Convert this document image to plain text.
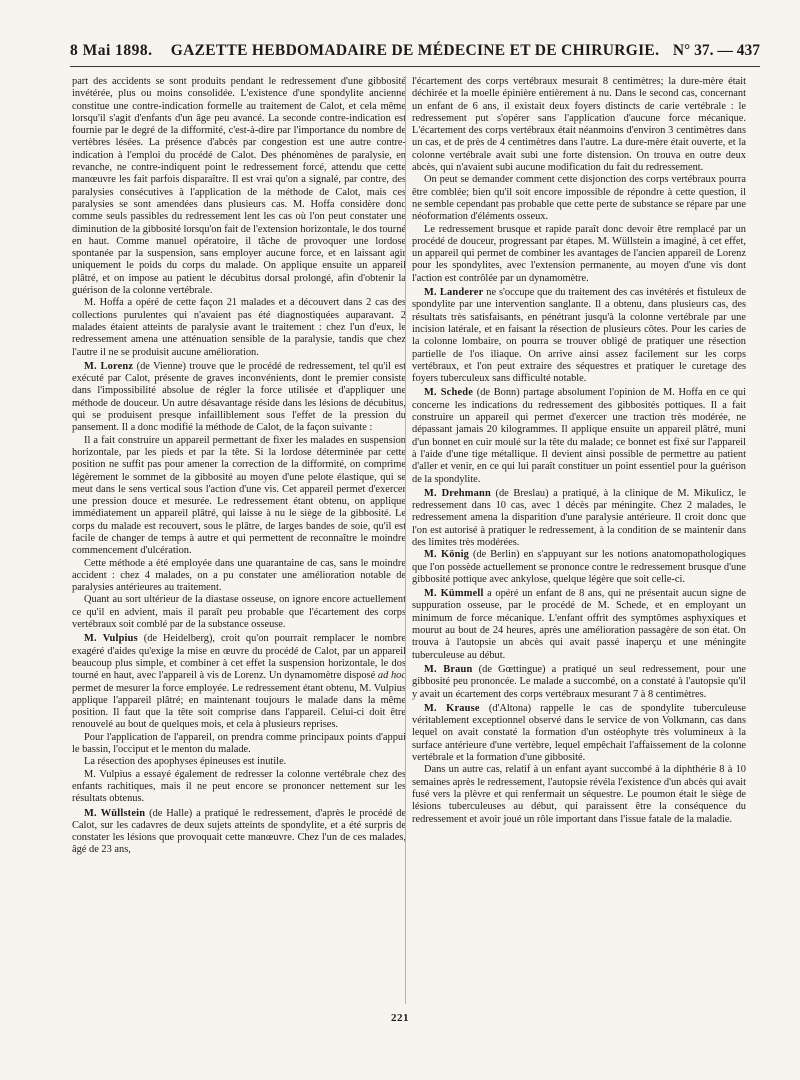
8 Mai 1898.	GAZETTE HEBDOMADAIRE DE MÉDECINE ET DE CHIRURGIE. N° 37. — 437

part des accidents se sont produits pendant le redressement d'une gibbosité invétérée, plus ou moins consolidée. L'existence d'une spondylite ancienne constitue une contre-indication formelle au traitement de Calot, et cela même lorsqu'il s'agit d'enfants d'un âge peu avancé. La seconde contre-indication est fournie par le degré de la difformité, c'est-à-dire par l'importance du nombre de vertèbres lésées. La présence d'abcès par congestion est une autre contre-indication à l'emploi du procédé de Calot. Des phénomènes de paralysie, en revanche, ne contre-indiquent point le redressement forcé, attendu que cette manœuvre les fait parfois disparaître. Il est vrai qu'on a signalé, par contre, des paralysies consécutives à l'application de la méthode de Calot, mais ces paralysies se sont amendées dans plusieurs cas. M. Hoffa considère donc comme seuls passibles du redressement lent les cas où l'on peut constater une diminution de la gibbosité lorsqu'on fait de l'extension horizontale, le dos tourné en haut. Comme manuel opératoire, il tâche de provoquer une lordose spontanée par la suspension, sans employer aucune force, et en laissant agir uniquement le poids du corps du malade. On applique ensuite un appareil plâtré, et on impose au patient le décubitus dorsal prolongé, afin d'obtenir la guérison de la colonne vertébrale.

M. Hoffa a opéré de cette façon 21 malades et a découvert dans 2 cas des collections purulentes qui n'avaient pas été diagnostiquées auparavant. 2 malades étaient atteints de paralysie avant le traitement : chez l'un d'eux, le redressement amena une atténuation sensible de la paralysie, tandis que chez l'autre il ne se produisit aucune amélioration.

M. Lorenz (de Vienne) trouve que le procédé de redressement, tel qu'il est exécuté par Calot, présente de graves inconvénients, dont le premier consiste dans l'impossibilité absolue de régler la force utilisée et d'appliquer une méthode de douceur. Un autre désavantage réside dans les lésions de décubitus, qui se produisent presque infailliblement sous l'effet de la pression du pansement. Il a donc modifié la méthode de Calot, de la façon suivante :

Il a fait construire un appareil permettant de fixer les malades en suspension horizontale, par les pieds et par la tête. Si la lordose déterminée par cette position ne suffit pas pour amener la correction de la difformité, on comprime légèrement le sommet de la gibbosité au moyen d'une pelote élastique, qui se meut dans le sens vertical sous l'action d'une vis. Cet appareil permet d'exercer une pression douce et mesurée. Le redressement étant obtenu, on applique immédiatement un appareil plâtré, qui laisse à nu le siège de la gibbosité. Le corps du malade est recouvert, sous le plâtre, de larges bandes de soie, qu'il est facile de changer de temps à autre et qui permettent de reconnaître le moindre commencement d'ulcération.

Cette méthode a été employée dans une quarantaine de cas, sans le moindre accident : chez 4 malades, on a pu constater une amélioration notable de paralysies antérieures au traitement.

Quant au sort ultérieur de la diastase osseuse, on ignore encore actuellement ce qu'il en advient, mais il paraît peu probable que l'écartement des corps vertébraux soit comblé par de la substance osseuse.

M. Vulpius (de Heidelberg), croit qu'on pourrait remplacer le nombre exagéré d'aides qu'exige la mise en œuvre du procédé de Calot, par un appareil beaucoup plus simple, et combiner à cet effet la suspension horizontale, le dos tourné en haut, avec l'appareil à vis de Lorenz. Un dynamomètre disposé ad hoc permet de mesurer la force employée. Le redressement étant obtenu, M. Vulpius applique l'appareil plâtré; en maintenant toujours le malade dans la même position. Il faut que la tête soit comprise dans l'appareil. Celui-ci doit être renouvelé au bout de quelques mois, et cela à plusieurs reprises.

Pour l'application de l'appareil, on prendra comme principaux points d'appui le bassin, l'occiput et le menton du malade.

La résection des apophyses épineuses est inutile.

M. Vulpius a essayé également de redresser la colonne vertébrale chez des enfants rachitiques, mais il ne peut encore se prononcer nettement sur les résultats obtenus.

M. Wüllstein (de Halle) a pratiqué le redressement, d'après le procédé de Calot, sur les cadavres de deux sujets atteints de spondylite, et a été surpris de constater les lésions que provoquait cette manœuvre. Chez l'un de ces malades, âgé de 23 ans,

l'écartement des corps vertébraux mesurait 8 centimètres; la dure-mère était déchirée et la moelle épinière entièrement à nu. Dans le second cas, concernant un enfant de 6 ans, il existait deux foyers distincts de carie vertébrale : le redressement put s'opérer sans l'application d'aucune force mécanique. L'écartement des corps vertébraux était néanmoins d'environ 3 centimètres dans un cas, et de près de 4 centimètres dans l'autre. La dure-mère était ouverte, et la colonne vertébrale avait subi une forte distension. On trouva en outre deux abcès, qui n'avaient subi aucune modification du fait du redressement.

On peut se demander comment cette disjonction des corps vertébraux pourra être comblée; bien qu'il soit encore impossible de répondre à cette question, il ne semble cependant pas probable que cette perte de substance se répare par une néoformation d'éléments osseux.

Le redressement brusque et rapide paraît donc devoir être remplacé par un procédé de douceur, progressant par étapes. M. Wüllstein a imaginé, à cet effet, un appareil qui permet de combiner les avantages de l'ancien appareil de Lorenz pour les spondylites, avec l'extension permanente, au moyen d'une vis dont l'action est contrôlée par un dynamomètre.

M. Landerer ne s'occupe que du traitement des cas invétérés et fistuleux de spondylite par une intervention sanglante. Il a obtenu, dans plusieurs cas, des résultats très satisfaisants, en pénétrant jusqu'à la colonne vertébrale par une incision latérale, et en faisant la résection de plusieurs côtes. Pour les caries de la colonne lombaire, on pourra se trouver obligé de pratiquer une résection partielle de l'os iliaque. On arrive ainsi assez facilement sur les corps vertébraux, et l'on peut extraire des séquestres et pratiquer le curetage des foyers tuberculeux sans difficulté notable.

M. Schede (de Bonn) partage absolument l'opinion de M. Hoffa en ce qui concerne les indications du redressement des gibbosités pottiques. Il a fait construire un appareil qui permet d'exercer une traction très modérée, ne dépassant jamais 20 kilogrammes. Il applique ensuite un appareil plâtré, muni d'un bonnet en cuir moulé sur la tête du malade; ce bonnet est fixé sur l'appareil à l'aide d'une tige métallique. Il devient ainsi possible de permettre au patient d'aller et venir, en ce qui lui paraît constituer un point essentiel pour la guérison de la spondylite.

M. Drehmann (de Breslau) a pratiqué, à la clinique de M. Mikulicz, le redressement dans 10 cas, avec 1 décès par méningite. Chez 2 malades, le redressement amena la disparition d'une paralysie antérieure. Il croit donc que l'on est autorisé à pratiquer le redressement, à la condition de se maintenir dans des limites très modérées.

M. König (de Berlin) en s'appuyant sur les notions anatomopathologiques que l'on possède actuellement se prononce contre le redressement brusque d'une gibbosité pottique avec ankylose, quelque légère que soit celle-ci.

M. Kümmell a opéré un enfant de 8 ans, qui ne présentait aucun signe de suppuration osseuse, par le procédé de M. Schede, et en employant un minimum de force mécanique. L'enfant offrit des symptômes asphyxiques et mourut au bout de 24 heures, après une amélioration passagère de son état. On trouva à l'autopsie un abcès qui avait passé inaperçu et une méningite tuberculeuse au début.

M. Braun (de Gœttingue) a pratiqué un seul redressement, pour une gibbosité peu prononcée. Le malade a succombé, on a constaté à l'autopsie qu'il y avait un écartement des corps vertébraux mesurant 7 à 8 centimètres.

M. Krause (d'Altona) rappelle le cas de spondylite tuberculeuse véritablement exceptionnel observé dans le service de von Volkmann, cas dans lequel on avait constaté la formation d'un ostéophyte très volumineux à la surface antérieure d'une vertèbre, lequel empêchait l'affaissement de la colonne vertébrale et la formation d'une gibbosité.

Dans un autre cas, relatif à un enfant ayant succombé à la diphthérie 8 à 10 semaines après le redressement, l'autopsie révéla l'existence d'un abcès qui avait fusé vers la plèvre et qui renfermait un séquestre. Le poumon était le siège de lésions tuberculeuses au début, qui paraissent être la conséquence du redressement et avoir joué un rôle important dans l'issue fatale de la maladie.

221
